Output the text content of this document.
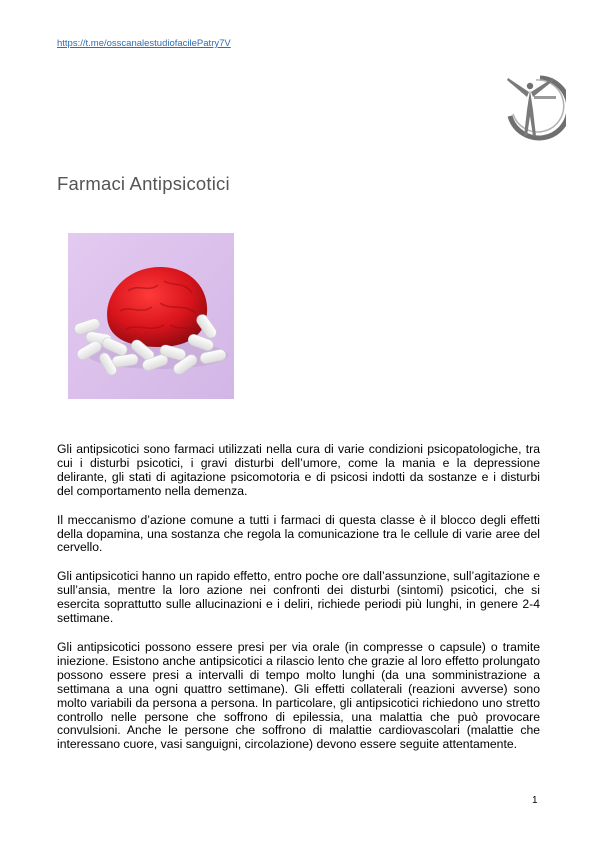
https://t.me/osscanalestudiofacilePatry7V
Farmaci Antipsicotici

Gli antipsicotici sono farmaci utilizzati nella cura di varie condizioni psicopatologiche, tra cui i disturbi psicotici, i gravi disturbi dell’umore, come la mania e la depressione delirante, gli stati di agitazione psicomotoria e di psicosi indotti da sostanze e i disturbi del comportamento nella demenza.

Il meccanismo d’azione comune a tutti i farmaci di questa classe è il blocco degli effetti della dopamina, una sostanza che regola la comunicazione tra le cellule di varie aree del cervello.

Gli antipsicotici hanno un rapido effetto, entro poche ore dall’assunzione, sull’agitazione e sull’ansia, mentre la loro azione nei confronti dei disturbi (sintomi) psicotici, che si esercita soprattutto sulle allucinazioni e i deliri, richiede periodi più lunghi, in genere 2-4 settimane.

Gli antipsicotici possono essere presi per via orale (in compresse o capsule) o tramite iniezione. Esistono anche antipsicotici a rilascio lento che grazie al loro effetto prolungato possono essere presi a intervalli di tempo molto lunghi (da una somministrazione a settimana a una ogni quattro settimane). Gli effetti collaterali (reazioni avverse) sono molto variabili da persona a persona. In particolare, gli antipsicotici richiedono uno stretto controllo nelle persone che soffrono di epilessia, una malattia che può provocare convulsioni. Anche le persone che soffrono di malattie cardiovascolari (malattie che interessano cuore, vasi sanguigni, circolazione) devono essere seguite attentamente.

1
